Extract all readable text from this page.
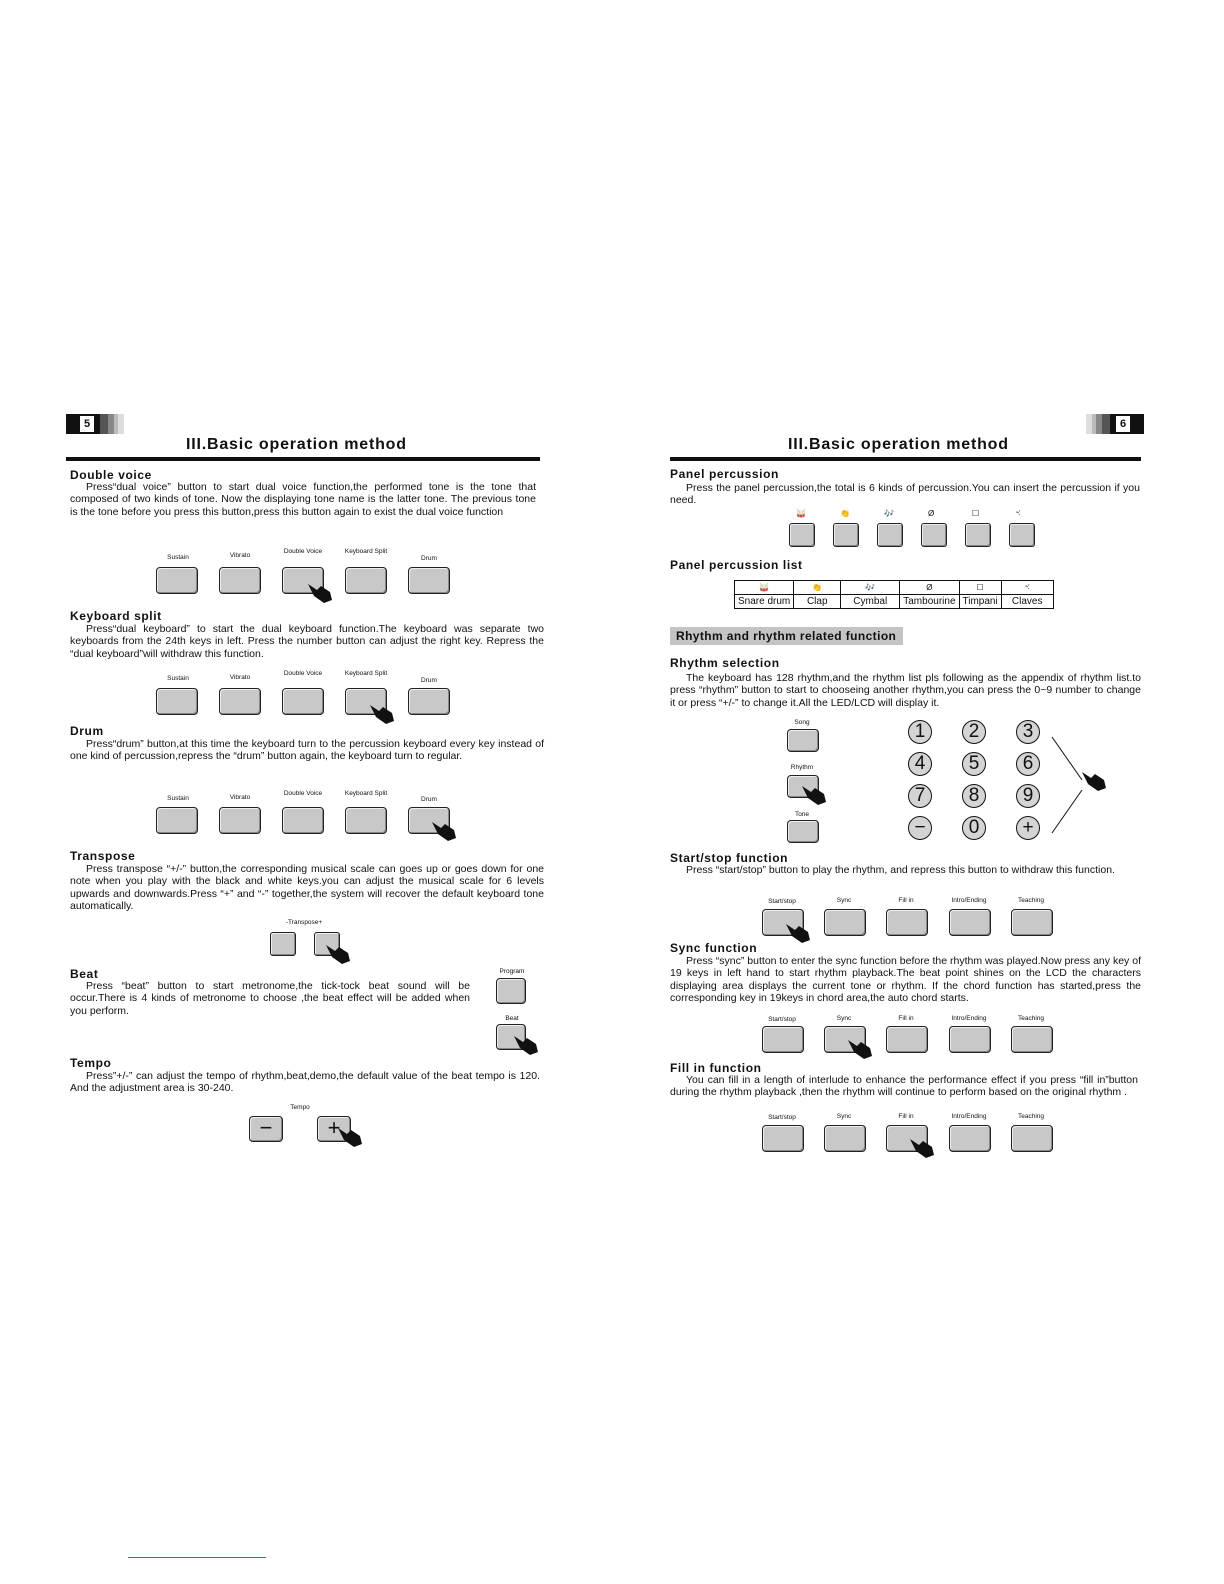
5
III.Basic operation method
Double voice

Press“dual voice” button to start dual voice function,the performed tone is the tone that composed of two kinds of tone. Now the displaying tone name is the latter tone. The previous tone is the tone before you press this button,press this button again to exist the dual voice function

Sustain	Vibrato
Double Voice	Keyboard Split
Drum
Keyboard split

Press“dual keyboard” to start the dual keyboard function.The keyboard was separate two keyboards from the 24th keys in left. Press the number button can adjust the right key. Repress the “dual keyboard”will withdraw this function.

Sustain	Vibrato
Double Voice	Keyboard Split
Drum
Drum

Press“drum” button,at this time the keyboard turn to the percussion keyboard every key instead of one kind of percussion,repress the “drum” button again, the keyboard turn to regular.

Sustain	Vibrato
Double Voice	Keyboard Split
Drum
Transpose

Press transpose “+/-” button,the corresponding musical scale can goes up or goes down for one note when you play with the black and white keys.you can adjust the musical scale for 6 levels upwards and downwards.Press “+” and “-” together,the system will recover the default keyboard tone automatically.

-Transpose+
Beat

Press “beat” button to start metronome,the tick-tock beat sound will be occur.There is 4 kinds of metronome to choose ,the beat effect will be added when you perform.

Program
Beat
Tempo

Press”+/-” can adjust the tempo of rhythm,beat,demo,the default value of the beat tempo is 120. And the adjustment area is 30-240.

Tempo
−	+
6
III.Basic operation method
Panel percussion

Press the panel percussion,the total is 6 kinds of percussion.You can insert the percussion if you need.

🥁	👏	🎶	Ø	☐	ৼ
Panel percussion list
🥁	👏	🎶	Ø	☐	ৼ
Snare drum	Clap	Cymbal	Tambourine	Timpani	Claves
Rhythm and rhythm related function
Rhythm selection

The keyboard has 128 rhythm,and the rhythm list pls following as the appendix of rhythm list.to press “rhythm” button to start to chooseing another rhythm,you can press the 0~9 number to change it or press “+/-” to change it.All the LED/LCD will display it.

Song
Rhythm
Tone
1	2	3
4	5	6
7	8	9
−	0	+
Start/stop function

Press “start/stop” button to play the rhythm, and repress this button to withdraw this function.

Start/stop	Sync	Fill in	Intro/Ending	Teaching
Sync function

Press “sync” button to enter the sync function before the rhythm was played.Now press any key of 19 keys in left hand to start rhythm playback.The beat point shines on the LCD the characters displaying area displays the current tone or rhythm. If the chord function has started,press the corresponding key in 19keys in chord area,the auto chord starts.

Start/stop	Sync	Fill in	Intro/Ending	Teaching
Fill in function

You can fill in a length of interlude to enhance the performance effect if you press “fill in”button during the rhythm playback ,then the rhythm will continue to perform based on the original rhythm .

Start/stop	Sync	Fill in	Intro/Ending	Teaching
